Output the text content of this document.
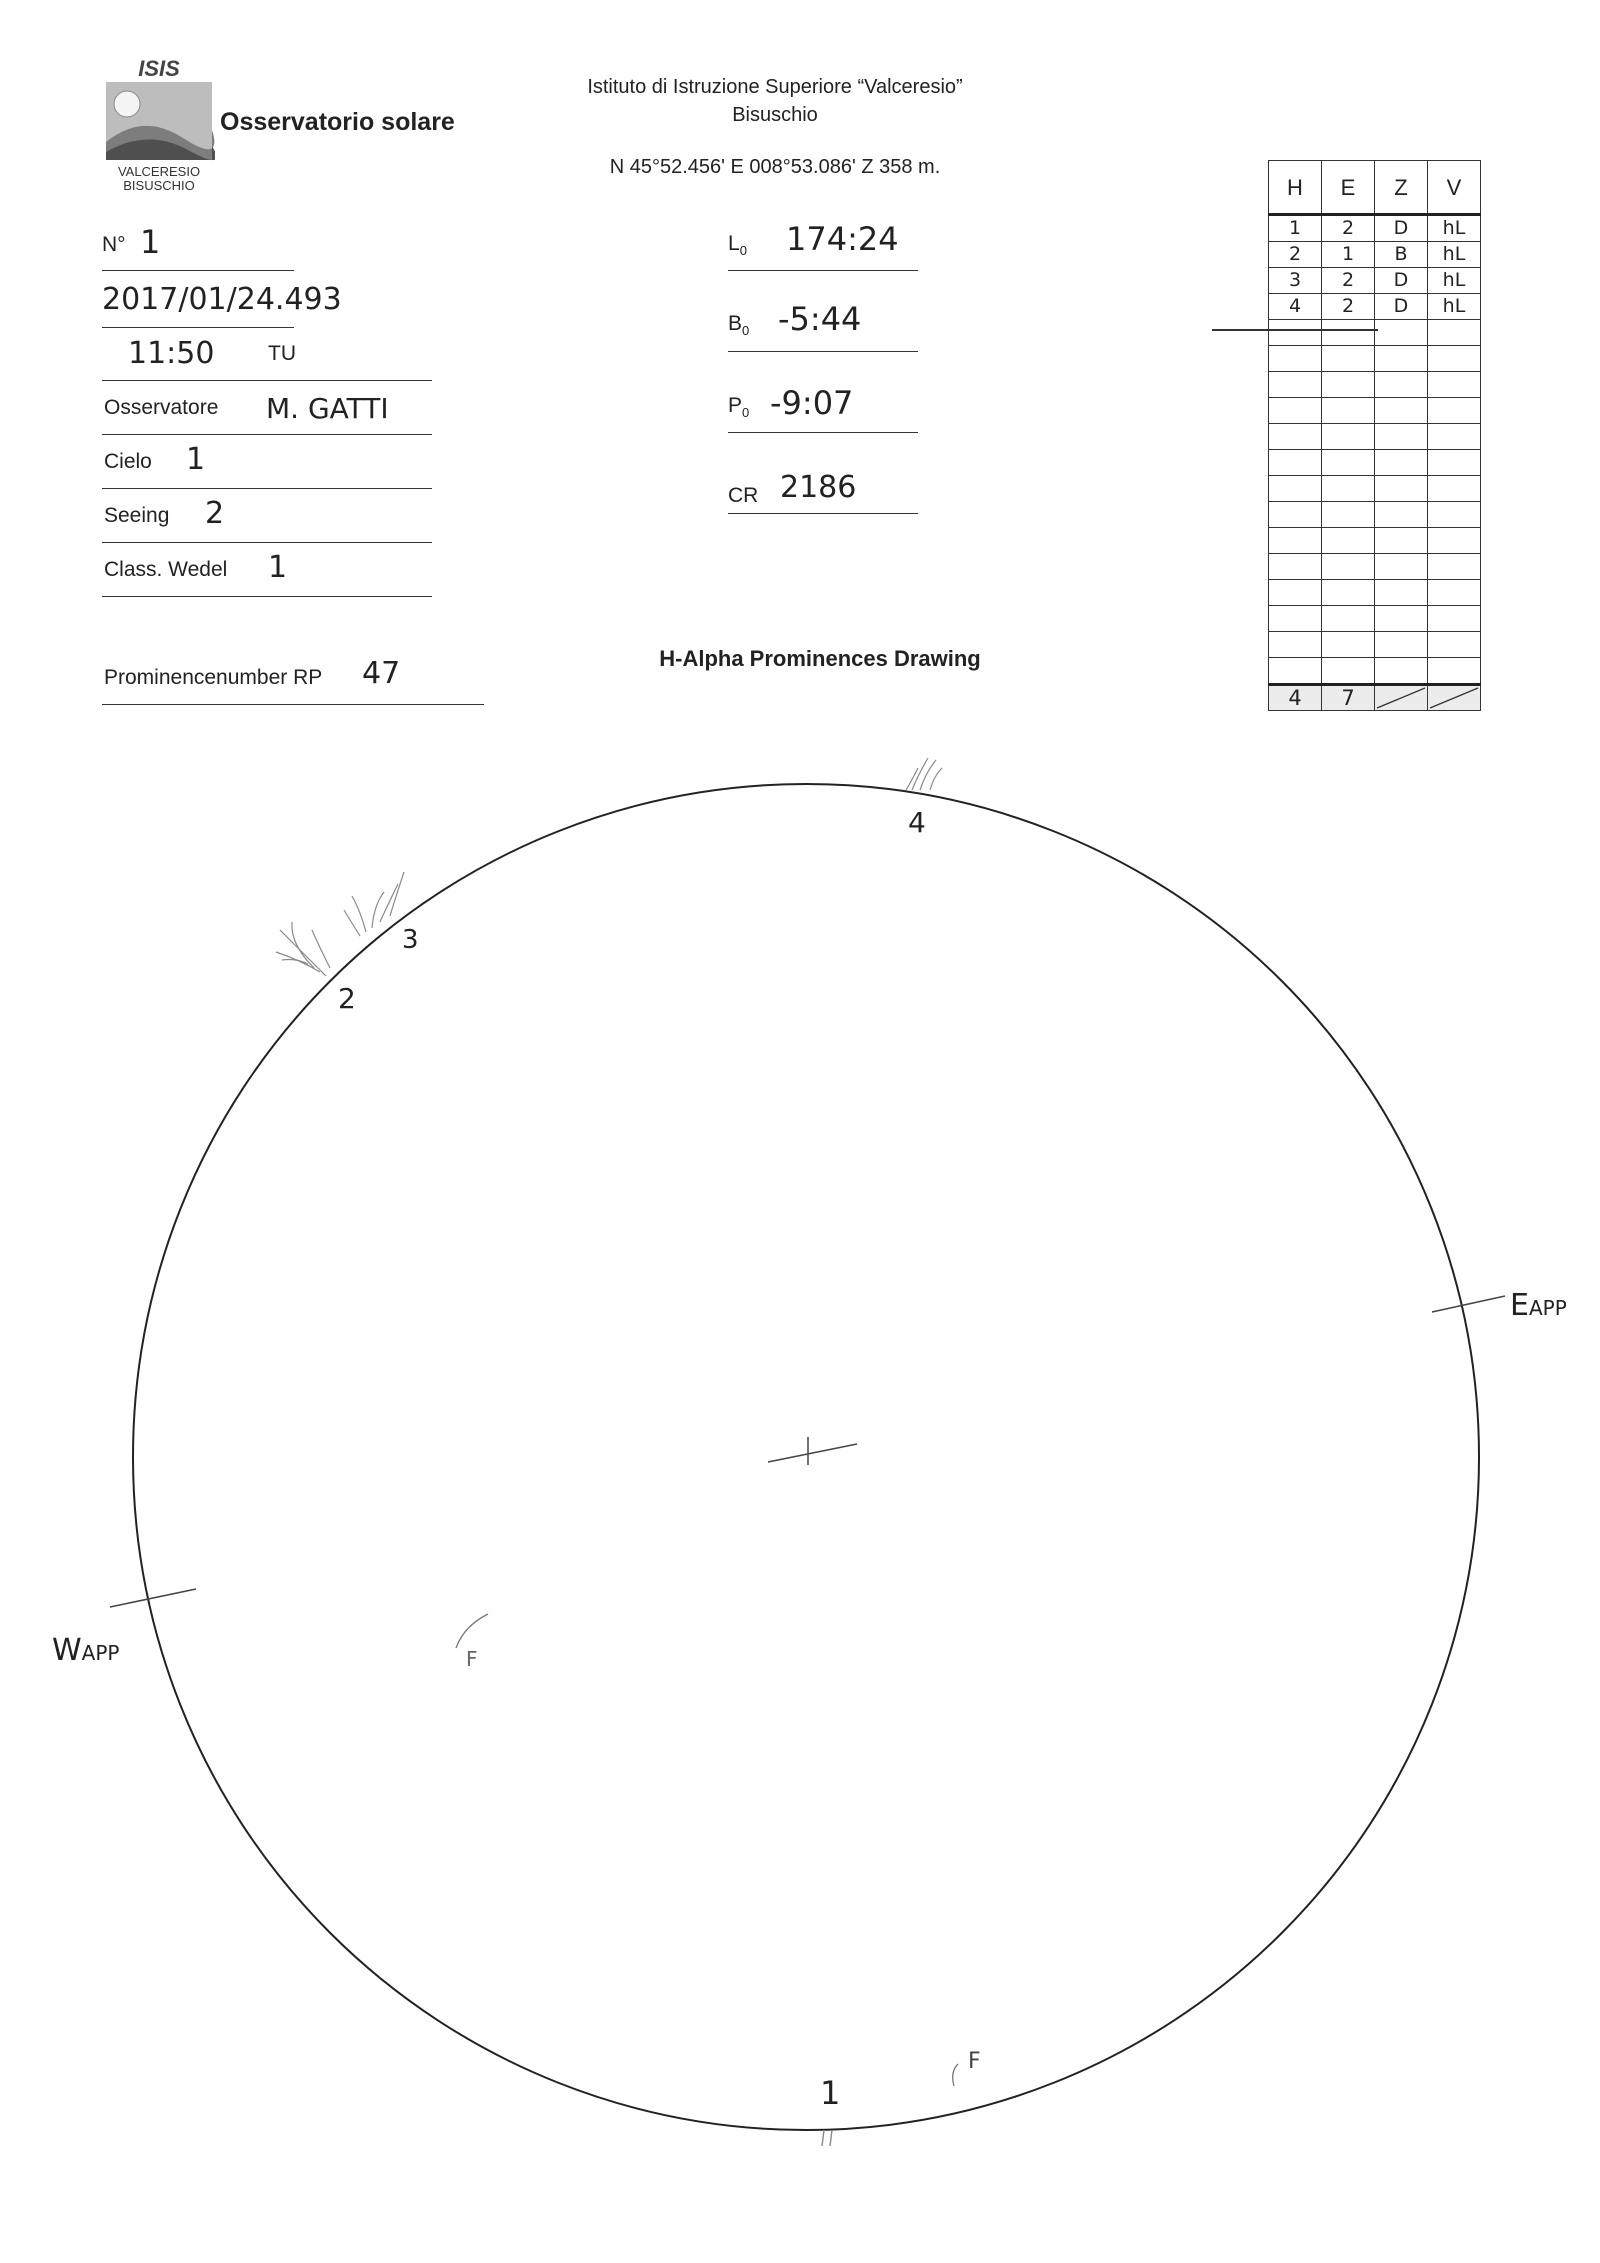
ISIS
VALCERESIO
BISUSCHIO
Osservatorio solare
Istituto di Istruzione Superiore “Valceresio”
Bisuschio
N 45°52.456' E 008°53.086' Z 358 m.
N° 1
2017/01/24.493
11:50	TU
Osservatore M. GATTI
Cielo 1
Seeing 2
Class. Wedel 1
Prominencenumber RP 47
$L_0$ 174:24
$B_0$ -5:44
$P_0$ -9:07
CR 2186
H	E	Z	V
1	2	D	hL
2	1	B	hL
3	2	D	hL
4	2	D	hL

4	7	

H-Alpha Prominences Drawing
EAPP
WAPP
1
2
3
4
F
F
